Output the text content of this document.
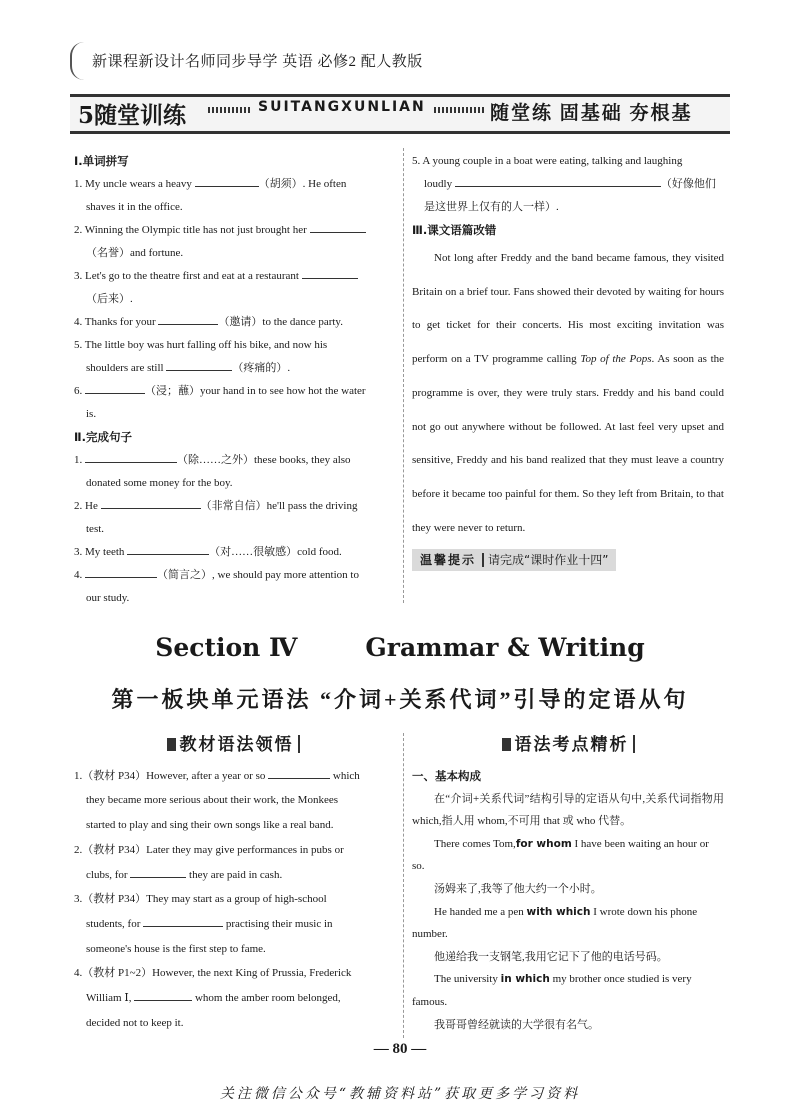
新课程新设计名师同步导学 英语 必修2 配人教版
5随堂训练	SUITANGXUNLIAN	随堂练 固基础 夯根基

Ⅰ.单词拼写

1. My uncle wears a heavy	（胡须）. He often

shaves it in the office.

2. Winning the Olympic title has not just brought her

（名誉）and fortune.

3. Let's go to the theatre first and eat at a restaurant

（后来）.

4. Thanks for your	（邀请）to the dance party.

5. The little boy was hurt falling off his bike, and now his

shoulders are still	（疼痛的）.

6.	（浸；蘸）your hand in to see how hot the water

is.

Ⅱ.完成句子

1.	（除……之外）these books, they also

donated some money for the boy.

2. He	（非常自信）he'll pass the driving

test.

3. My teeth	（对……很敏感）cold food.

4.	（简言之）, we should pay more attention to

our study.

5. A young couple in a boat were eating, talking and laughing

loudly	（好像他们

是这世界上仅有的人一样）.

Ⅲ.课文语篇改错

Not long after Freddy and the band became famous, they visited Britain on a brief tour. Fans showed their devoted by waiting for hours to get ticket for their concerts. His most exciting invitation was perform on a TV programme calling Top of the Pops. As soon as the programme is over, they were truly stars. Freddy and his band could not go out anywhere without be followed. At last feel very upset and sensitive, Freddy and his band realized that they must leave a country before it became too painful for them. So they left from Britain, to that they were never to return.

温馨提示 请完成“课时作业十四”
Section Ⅳ	Grammar & Writing
第一板块单元语法 “介词+关系代词”引导的定语从句

教材语法领悟

1.（教材 P34）However, after a year or so	which

they became more serious about their work, the Monkees

started to play and sing their own songs like a real band.

2.（教材 P34）Later they may give performances in pubs or

clubs, for	they are paid in cash.

3.（教材 P34）They may start as a group of high-school

students, for	practising their music in

someone's house is the first step to fame.

4.（教材 P1~2）However, the next King of Prussia, Frederick

William Ⅰ,	whom the amber room belonged,

decided not to keep it.

语法考点精析

一、基本构成

在“介词+关系代词”结构引导的定语从句中,关系代词指物用 which,指人用 whom,不可用 that 或 who 代替。

There comes Tom,for whom I have been waiting an hour or so.

汤姆来了,我等了他大约一个小时。

He handed me a pen with which I wrote down his phone number.

他递给我一支钢笔,我用它记下了他的电话号码。

The university in which my brother once studied is very famous.

我哥哥曾经就读的大学很有名气。

— 80 —
关注微信公众号“教辅资料站”获取更多学习资料
